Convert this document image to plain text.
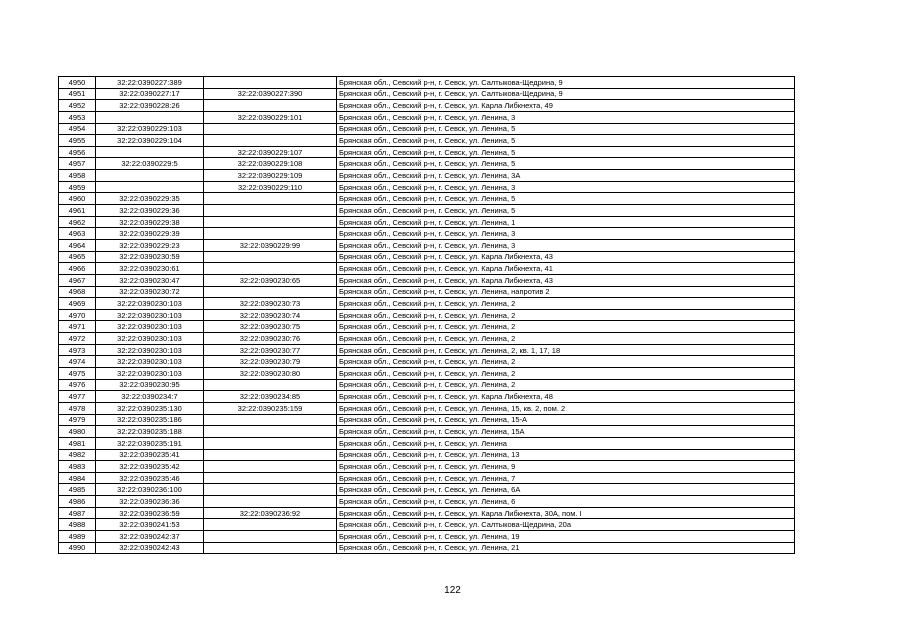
4950	32:22:0390227:389		Брянская обл., Севский р-н, г. Севск, ул. Салтыкова-Щедрина, 9
4951	32:22:0390227:17	32:22:0390227:390	Брянская обл., Севский р-н, г. Севск, ул. Салтыкова-Щедрина, 9
4952	32:22:0390228:26		Брянская обл., Севский р-н, г. Севск, ул. Карла Либкнехта, 49
4953		32:22:0390229:101	Брянская обл., Севский р-н, г. Севск, ул. Ленина, 3
4954	32:22:0390229:103		Брянская обл., Севский р-н, г. Севск, ул. Ленина, 5
4955	32:22:0390229:104		Брянская обл., Севский р-н, г. Севск, ул. Ленина, 5
4956		32:22:0390229:107	Брянская обл., Севский р-н, г. Севск, ул. Ленина, 5
4957	32:22:0390229:5	32:22:0390229:108	Брянская обл., Севский р-н, г. Севск, ул. Ленина, 5
4958		32:22:0390229:109	Брянская обл., Севский р-н, г. Севск, ул. Ленина, 3А
4959		32:22:0390229:110	Брянская обл., Севский р-н, г. Севск, ул. Ленина, 3
4960	32:22:0390229:35		Брянская обл., Севский р-н, г. Севск, ул. Ленина, 5
4961	32:22:0390229:36		Брянская обл., Севский р-н, г. Севск, ул. Ленина, 5
4962	32:22:0390229:38		Брянская обл., Севский р-н, г. Севск, ул. Ленина, 1
4963	32:22:0390229:39		Брянская обл., Севский р-н, г. Севск, ул. Ленина, 3
4964	32:22:0390229:23	32:22:0390229:99	Брянская обл., Севский р-н, г. Севск, ул. Ленина, 3
4965	32:22:0390230:59		Брянская обл., Севский р-н, г. Севск, ул. Карла Либкнехта, 43
4966	32:22:0390230:61		Брянская обл., Севский р-н, г. Севск, ул. Карла Либкнехта, 41
4967	32:22:0390230:47	32:22:0390230:65	Брянская обл., Севский р-н, г. Севск, ул. Карла Либкнехта, 43
4968	32:22:0390230:72		Брянская обл., Севский р-н, г. Севск, ул. Ленина, напротив 2
4969	32:22:0390230:103	32:22:0390230:73	Брянская обл., Севский р-н, г. Севск, ул. Ленина, 2
4970	32:22:0390230:103	32:22:0390230:74	Брянская обл., Севский р-н, г. Севск, ул. Ленина, 2
4971	32:22:0390230:103	32:22:0390230:75	Брянская обл., Севский р-н, г. Севск, ул. Ленина, 2
4972	32:22:0390230:103	32:22:0390230:76	Брянская обл., Севский р-н, г. Севск, ул. Ленина, 2
4973	32:22:0390230:103	32:22:0390230:77	Брянская обл., Севский р-н, г. Севск, ул. Ленина, 2, кв. 1, 17, 18
4974	32:22:0390230:103	32:22:0390230:79	Брянская обл., Севский р-н, г. Севск, ул. Ленина, 2
4975	32:22:0390230:103	32:22:0390230:80	Брянская обл., Севский р-н, г. Севск, ул. Ленина, 2
4976	32:22:0390230:95		Брянская обл., Севский р-н, г. Севск, ул. Ленина, 2
4977	32:22:0390234:7	32:22:0390234:85	Брянская обл., Севский р-н, г. Севск, ул. Карла Либкнехта, 48
4978	32:22:0390235:130	32:22:0390235:159	Брянская обл., Севский р-н, г. Севск, ул. Ленина, 15, кв. 2, пом. 2
4979	32:22:0390235:186		Брянская обл., Севский р-н, г. Севск, ул. Ленина, 15-А
4980	32:22:0390235:188		Брянская обл., Севский р-н, г. Севск, ул. Ленина, 15А
4981	32:22:0390235:191		Брянская обл., Севский р-н, г. Севск, ул. Ленина
4982	32:22:0390235:41		Брянская обл., Севский р-н, г. Севск, ул. Ленина, 13
4983	32:22:0390235:42		Брянская обл., Севский р-н, г. Севск, ул. Ленина, 9
4984	32:22:0390235:46		Брянская обл., Севский р-н, г. Севск, ул. Ленина, 7
4985	32:22:0390236:100		Брянская обл., Севский р-н, г. Севск, ул. Ленина, 6А
4986	32:22:0390236:36		Брянская обл., Севский р-н, г. Севск, ул. Ленина, 6
4987	32:22:0390236:59	32:22:0390236:92	Брянская обл., Севский р-н, г. Севск, ул. Карла Либкнехта, 30А, пом. I
4988	32:22:0390241:53		Брянская обл., Севский р-н, г. Севск, ул. Салтыкова-Щедрина, 20а
4989	32:22:0390242:37		Брянская обл., Севский р-н, г. Севск, ул. Ленина, 19
4990	32:22:0390242:43		Брянская обл., Севский р-н, г. Севск, ул. Ленина, 21
122
